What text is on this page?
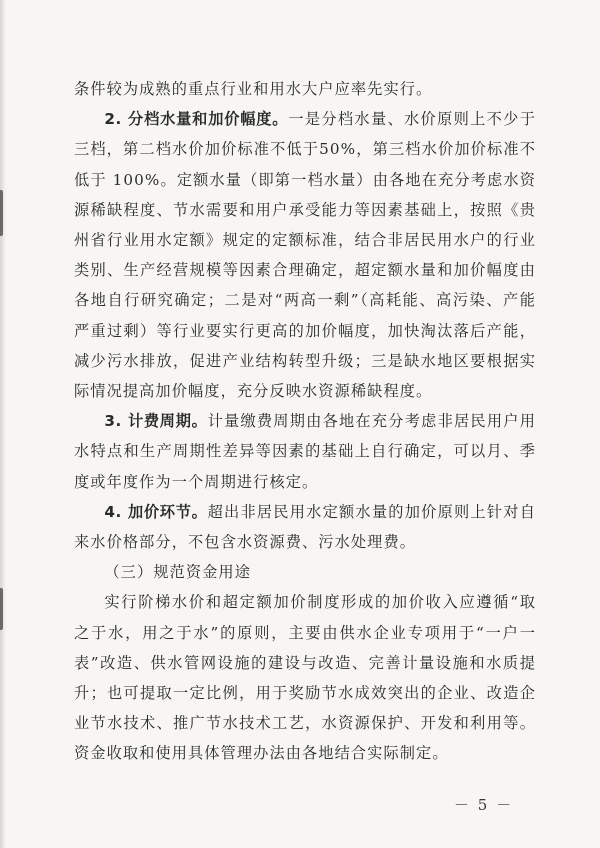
条件较为成熟的重点行业和用水大户应率先实行。

2. 分档水量和加价幅度。一是分档水量、水价原则上不少于三档，第二档水价加价标准不低于50%，第三档水价加价标准不低于 100%。定额水量（即第一档水量）由各地在充分考虑水资源稀缺程度、节水需要和用户承受能力等因素基础上，按照《贵州省行业用水定额》规定的定额标准，结合非居民用水户的行业类别、生产经营规模等因素合理确定，超定额水量和加价幅度由各地自行研究确定；二是对“两高一剩”（高耗能、高污染、产能严重过剩）等行业要实行更高的加价幅度，加快淘汰落后产能，减少污水排放，促进产业结构转型升级；三是缺水地区要根据实际情况提高加价幅度，充分反映水资源稀缺程度。

3. 计费周期。计量缴费周期由各地在充分考虑非居民用户用水特点和生产周期性差异等因素的基础上自行确定，可以月、季度或年度作为一个周期进行核定。

4. 加价环节。超出非居民用水定额水量的加价原则上针对自来水价格部分，不包含水资源费、污水处理费。

（三）规范资金用途

实行阶梯水价和超定额加价制度形成的加价收入应遵循“取之于水，用之于水”的原则，主要由供水企业专项用于“一户一表”改造、供水管网设施的建设与改造、完善计量设施和水质提升；也可提取一定比例，用于奖励节水成效突出的企业、改造企业节水技术、推广节水技术工艺，水资源保护、开发和利用等。资金收取和使用具体管理办法由各地结合实际制定。

－ 5 －
